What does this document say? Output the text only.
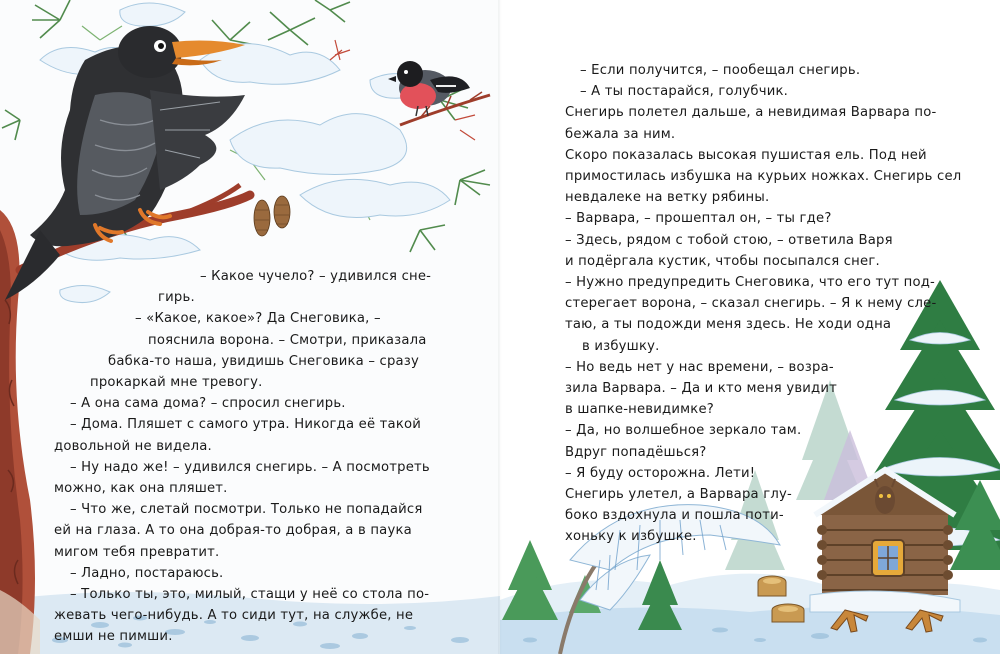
– Какое чучело? – удивился сне-

гирь.

– «Какое, какое»? Да Снеговика, –

пояснила ворона. – Смотри, приказала

бабка-то наша, увидишь Снеговика – сразу

прокаркай мне тревогу.

– А она сама дома? – спросил снегирь.

– Дома. Пляшет с самого утра. Никогда её такой

довольной не видела.

– Ну надо же! – удивился снегирь. – А посмотреть

можно, как она пляшет.

– Что же, слетай посмотри. Только не попадайся

ей на глаза. А то она добрая-то добрая, а в паука

мигом тебя превратит.

– Ладно, постараюсь.

– Только ты, это, милый, стащи у неё со стола по-

жевать чего-нибудь. А то сиди тут, на службе, не

емши не пимши.

– Если получится, – пообещал снегирь.

– А ты постарайся, голубчик.

Снегирь полетел дальше, а невидимая Варвара по-

бежала за ним.

Скоро показалась высокая пушистая ель. Под ней

примостилась избушка на курьих ножках. Снегирь сел

невдалеке на ветку рябины.

– Варвара, – прошептал он, – ты где?

– Здесь, рядом с тобой стою, – ответила Варя

и подёргала кустик, чтобы посыпался снег.

– Нужно предупредить Снеговика, что его тут под-

стерегает ворона, – сказал снегирь. – Я к нему сле-

таю, а ты подожди меня здесь. Не ходи одна

в избушку.

– Но ведь нет у нас времени, – возра-

зила Варвара. – Да и кто меня увидит

в шапке-невидимке?

– Да, но волшебное зеркало там.

Вдруг попадёшься?

– Я буду осторожна. Лети!

Снегирь улетел, а Варвара глу-

боко вздохнула и пошла поти-

хоньку к избушке.
